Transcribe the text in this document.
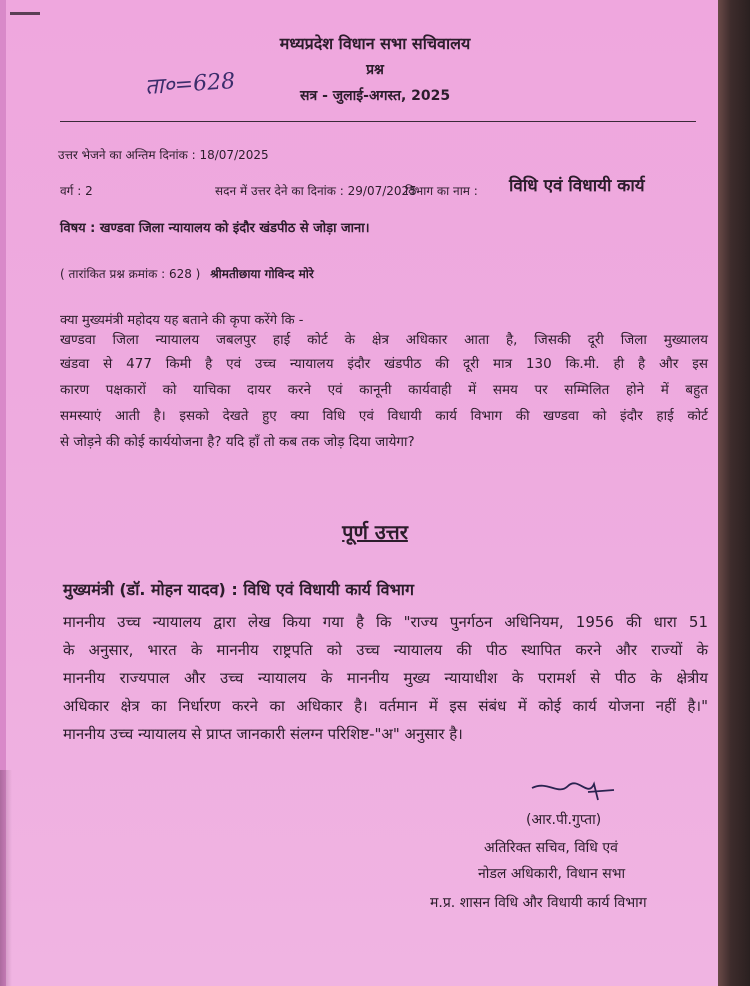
मध्यप्रदेश विधान सभा सचिवालय
प्रश्न
सत्र - जुलाई-अगस्त, 2025
ता०=628
उत्तर भेजने का अन्तिम दिनांक : 18/07/2025
वर्ग : 2	सदन में उत्तर देने का दिनांक : 29/07/2025
विभाग का नाम : विधि एवं विधायी कार्य
विषय : खण्डवा जिला न्यायालय को इंदौर खंडपीठ से जोड़ा जाना।
( तारांकित प्रश्न क्रमांक : 628 ) श्रीमतीछाया गोविन्द मोरे
क्या मुख्यमंत्री महोदय यह बताने की कृपा करेंगे कि -
खण्डवा जिला न्यायालय जबलपुर हाई कोर्ट के क्षेत्र अधिकार आता है, जिसकी दूरी जिला मुख्यालय
खंडवा से 477 किमी है एवं उच्च न्यायालय इंदौर खंडपीठ की दूरी मात्र 130 कि.मी. ही है और इस
कारण पक्षकारों को याचिका दायर करने एवं कानूनी कार्यवाही में समय पर सम्मिलित होने में बहुत
समस्याएं आती है। इसको देखते हुए क्या विधि एवं विधायी कार्य विभाग की खण्डवा को इंदौर हाई कोर्ट
से जोड़ने की कोई कार्ययोजना है? यदि हाँ तो कब तक जोड़ दिया जायेगा?
पूर्ण उत्तर
मुख्यमंत्री (डॉ. मोहन यादव) : विधि एवं विधायी कार्य विभाग
माननीय उच्च न्यायालय द्वारा लेख किया गया है कि "राज्य पुनर्गठन अधिनियम, 1956 की धारा 51
के अनुसार, भारत के माननीय राष्ट्रपति को उच्च न्यायालय की पीठ स्थापित करने और राज्यों के
माननीय राज्यपाल और उच्च न्यायालय के माननीय मुख्य न्यायाधीश के परामर्श से पीठ के क्षेत्रीय
अधिकार क्षेत्र का निर्धारण करने का अधिकार है। वर्तमान में इस संबंध में कोई कार्य योजना नहीं है।"
माननीय उच्च न्यायालय से प्राप्त जानकारी संलग्न परिशिष्ट-"अ" अनुसार है।
(आर.पी.गुप्ता)
अतिरिक्त सचिव, विधि एवं
नोडल अधिकारी, विधान सभा
म.प्र. शासन विधि और विधायी कार्य विभाग
